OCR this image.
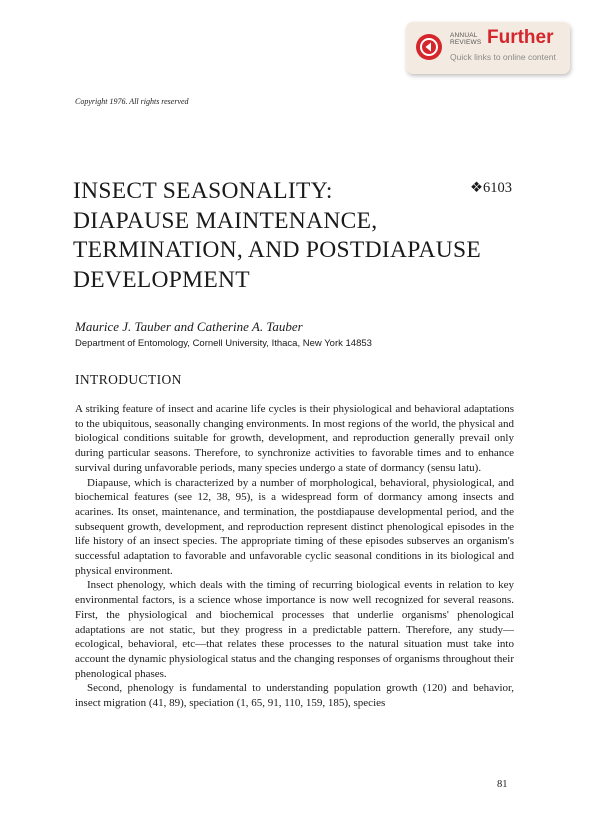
ANNUAL
REVIEWS Further
Quick links to online content
Copyright 1976. All rights reserved
INSECT SEASONALITY:
DIAPAUSE MAINTENANCE,
TERMINATION, AND POSTDIAPAUSE
DEVELOPMENT
❖6103
Maurice J. Tauber and Catherine A. Tauber
Department of Entomology, Cornell University, Ithaca, New York 14853
INTRODUCTION

A striking feature of insect and acarine life cycles is their physiological and behavioral adaptations to the ubiquitous, seasonally changing environments. In most regions of the world, the physical and biological conditions suitable for growth, development, and reproduction generally prevail only during particular seasons. Therefore, to synchronize activities to favorable times and to enhance survival during unfavorable periods, many species undergo a state of dormancy (sensu latu).

Diapause, which is characterized by a number of morphological, behavioral, physiological, and biochemical features (see 12, 38, 95), is a widespread form of dormancy among insects and acarines. Its onset, maintenance, and termination, the postdiapause developmental period, and the subsequent growth, development, and reproduction represent distinct phenological episodes in the life history of an insect species. The appropriate timing of these episodes subserves an organism's successful adaptation to favorable and unfavorable cyclic seasonal conditions in its biological and physical environment.

Insect phenology, which deals with the timing of recurring biological events in relation to key environmental factors, is a science whose importance is now well recognized for several reasons. First, the physiological and biochemical processes that underlie organisms' phenological adaptations are not static, but they progress in a predictable pattern. Therefore, any study—ecological, behavioral, etc—that relates these processes to the natural situation must take into account the dynamic physiological status and the changing responses of organisms throughout their phenological phases.

Second, phenology is fundamental to understanding population growth (120) and behavior, insect migration (41, 89), speciation (1, 65, 91, 110, 159, 185), species

81
